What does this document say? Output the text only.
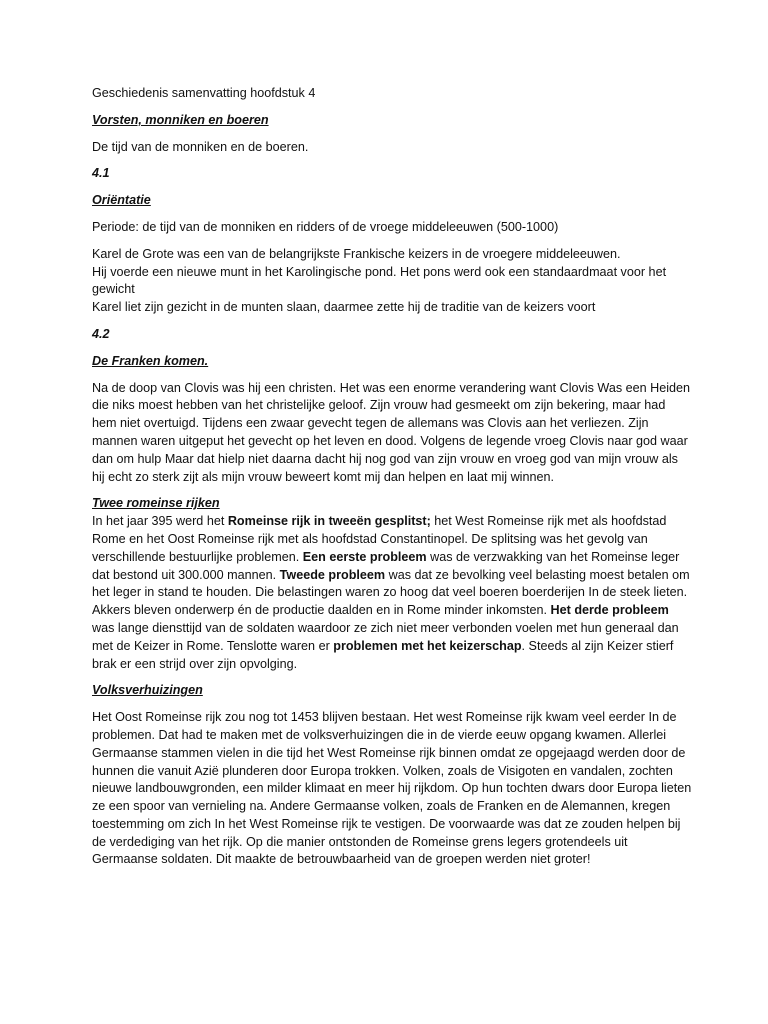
Geschiedenis samenvatting hoofdstuk 4

Vorsten, monniken en boeren

De tijd van de monniken en de boeren.

4.1

Oriëntatie

Periode: de tijd van de monniken en ridders of de vroege middeleeuwen (500-1000)

Karel de Grote was een van de belangrijkste Frankische keizers in de vroegere middeleeuwen.
Hij voerde een nieuwe munt in het Karolingische pond. Het pons werd ook een standaardmaat voor het gewicht
Karel liet zijn gezicht in de munten slaan, daarmee zette hij de traditie van de keizers voort

4.2

De Franken komen.

Na de doop van Clovis was hij een christen. Het was een enorme verandering want Clovis Was een Heiden die niks moest hebben van het christelijke geloof. Zijn vrouw had gesmeekt om zijn bekering, maar had hem niet overtuigd. Tijdens een zwaar gevecht tegen de allemans was Clovis aan het verliezen. Zijn mannen waren uitgeput het gevecht op het leven en dood. Volgens de legende vroeg Clovis naar god waar dan om hulp Maar dat hielp niet daarna dacht hij nog god van zijn vrouw en vroeg god van mijn vrouw als hij echt zo sterk zijt als mijn vrouw beweert komt mij dan helpen en laat mij winnen.

Twee romeinse rijken

In het jaar 395 werd het Romeinse rijk in tweeën gesplitst; het West Romeinse rijk met als hoofdstad Rome en het Oost Romeinse rijk met als hoofdstad Constantinopel. De splitsing was het gevolg van verschillende bestuurlijke problemen. Een eerste probleem was de verzwakking van het Romeinse leger dat bestond uit 300.000 mannen. Tweede probleem was dat ze bevolking veel belasting moest betalen om het leger in stand te houden. Die belastingen waren zo hoog dat veel boeren boerderijen In de steek lieten. Akkers bleven onderwerp én de productie daalden en in Rome minder inkomsten. Het derde probleem was lange diensttijd van de soldaten waardoor ze zich niet meer verbonden voelen met hun generaal dan met de Keizer in Rome. Tenslotte waren er problemen met het keizerschap. Steeds al zijn Keizer stierf brak er een strijd over zijn opvolging.

Volksverhuizingen

Het Oost Romeinse rijk zou nog tot 1453 blijven bestaan. Het west Romeinse rijk kwam veel eerder In de problemen. Dat had te maken met de volksverhuizingen die in de vierde eeuw opgang kwamen. Allerlei Germaanse stammen vielen in die tijd het West Romeinse rijk binnen omdat ze opgejaagd werden door de hunnen die vanuit Azië plunderen door Europa trokken. Volken, zoals de Visigoten en vandalen, zochten nieuwe landbouwgronden, een milder klimaat en meer hij rijkdom. Op hun tochten dwars door Europa lieten ze een spoor van vernieling na. Andere Germaanse volken, zoals de Franken en de Alemannen, kregen toestemming om zich In het West Romeinse rijk te vestigen. De voorwaarde was dat ze zouden helpen bij de verdediging van het rijk. Op die manier ontstonden de Romeinse grens legers grotendeels uit Germaanse soldaten. Dit maakte de betrouwbaarheid van de groepen werden niet groter!
